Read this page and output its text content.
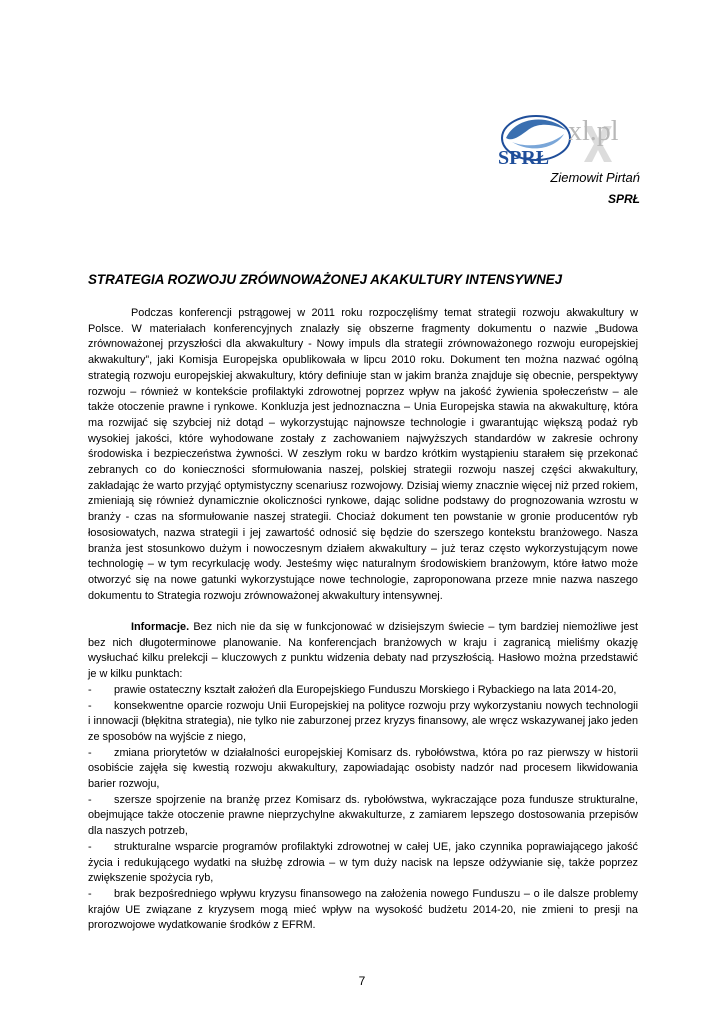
SPRŁ
xl.pl
Ziemowit Pirtań
SPRŁ
STRATEGIA ROZWOJU ZRÓWNOWAŻONEJ AKAKULTURY INTENSYWNEJ

Podczas konferencji pstrągowej w 2011 roku rozpoczęliśmy temat strategii rozwoju akwakultury w Polsce. W materiałach konferencyjnych znalazły się obszerne fragmenty dokumentu o nazwie „Budowa zrównoważonej przyszłości dla akwakultury - Nowy impuls dla strategii zrównoważonego rozwoju europejskiej akwakultury”, jaki Komisja Europejska opublikowała w lipcu 2010 roku. Dokument ten można nazwać ogólną strategią rozwoju europejskiej akwakultury, który definiuje stan w jakim branża znajduje się obecnie, perspektywy rozwoju – również w kontekście profilaktyki zdrowotnej poprzez wpływ na jakość żywienia społeczeństw – ale także otoczenie prawne i rynkowe. Konkluzja jest jednoznaczna – Unia Europejska stawia na akwakulturę, która ma rozwijać się szybciej niż dotąd – wykorzystując najnowsze technologie i gwarantując większą podaż ryb wysokiej jakości, które wyhodowane zostały z zachowaniem najwyższych standardów w zakresie ochrony środowiska i bezpieczeństwa żywności. W zeszłym roku w bardzo krótkim wystąpieniu starałem się przekonać zebranych co do konieczności sformułowania naszej, polskiej strategii rozwoju naszej części akwakultury, zakładając że warto przyjąć optymistyczny scenariusz rozwojowy. Dzisiaj wiemy znacznie więcej niż przed rokiem, zmieniają się również dynamicznie okoliczności rynkowe, dając solidne podstawy do prognozowania wzrostu w branży - czas na sformułowanie naszej strategii. Chociaż dokument ten powstanie w gronie producentów ryb łososiowatych, nazwa strategii i jej zawartość odnosić się będzie do szerszego kontekstu branżowego. Nasza branża jest stosunkowo dużym i nowoczesnym działem akwakultury – już teraz często wykorzystującym nowe technologię – w tym recyrkulację wody. Jesteśmy więc naturalnym środowiskiem branżowym, które łatwo może otworzyć się na nowe gatunki wykorzystujące nowe technologie, zaproponowana przeze mnie nazwa naszego dokumentu to Strategia rozwoju zrównoważonej akwakultury intensywnej.

Informacje. Bez nich nie da się w funkcjonować w dzisiejszym świecie – tym bardziej niemożliwe jest bez nich długoterminowe planowanie. Na konferencjach branżowych w kraju i zagranicą mieliśmy okazję wysłuchać kilku prelekcji – kluczowych z punktu widzenia debaty nad przyszłością. Hasłowo można przedstawić je w kilku punktach:

- prawie ostateczny kształt założeń dla Europejskiego Funduszu Morskiego i Rybackiego na lata 2014-20,
- konsekwentne oparcie rozwoju Unii Europejskiej na polityce rozwoju przy wykorzystaniu nowych technologii i innowacji (błękitna strategia), nie tylko nie zaburzonej przez kryzys finansowy, ale wręcz wskazywanej jako jeden ze sposobów na wyjście z niego,
- zmiana priorytetów w działalności europejskiej Komisarz ds. rybołówstwa, która po raz pierwszy w historii osobiście zajęła się kwestią rozwoju akwakultury, zapowiadając osobisty nadzór nad procesem likwidowania barier rozwoju,
- szersze spojrzenie na branżę przez Komisarz ds. rybołówstwa, wykraczające poza fundusze strukturalne, obejmujące także otoczenie prawne nieprzychylne akwakulturze, z zamiarem lepszego dostosowania przepisów dla naszych potrzeb,
- strukturalne wsparcie programów profilaktyki zdrowotnej w całej UE, jako czynnika poprawiającego jakość życia i redukującego wydatki na służbę zdrowia – w tym duży nacisk na lepsze odżywianie się, także poprzez zwiększenie spożycia ryb,
- brak bezpośredniego wpływu kryzysu finansowego na założenia nowego Funduszu – o ile dalsze problemy krajów UE związane z kryzysem mogą mieć wpływ na wysokość budżetu 2014-20, nie zmieni to presji na prorozwojowe wydatkowanie środków z EFRM.
7
